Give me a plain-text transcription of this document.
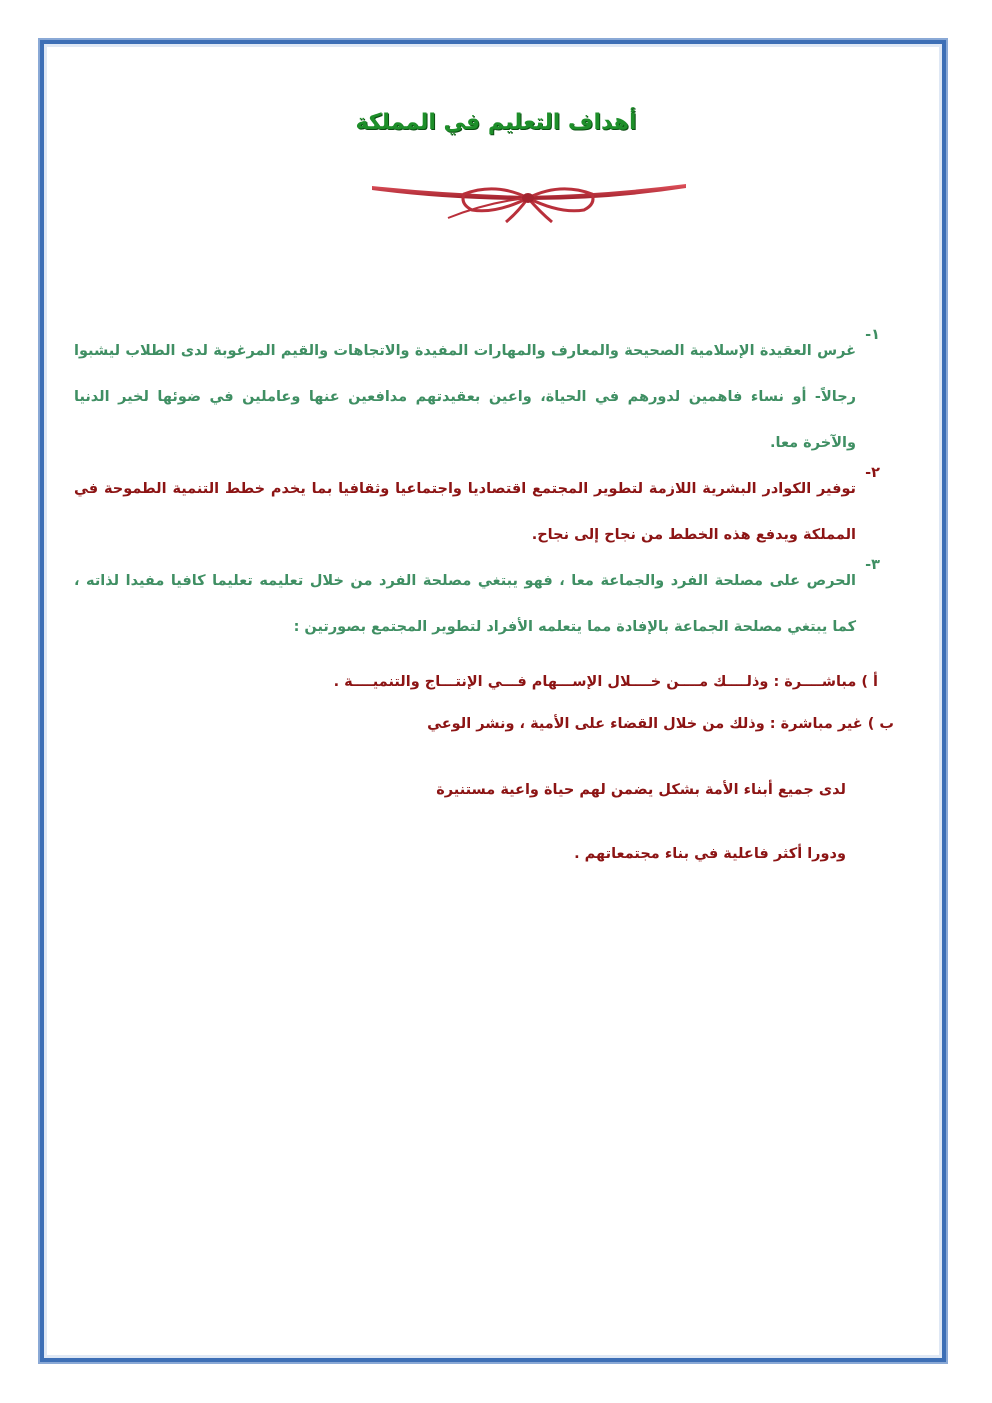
أهداف التعليم في المملكة
١-

غرس العقيدة الإسلامية الصحيحة والمعارف والمهارات المفيدة والاتجاهات والقيم المرغوبة لدى الطلاب ليشبوا رجالاً- أو نساء فاهمين لدورهم في الحياة، واعين بعقيدتهم مدافعين عنها وعاملين في ضوئها لخير الدنيا والآخرة معا.

٢-

توفير الكوادر البشرية اللازمة لتطوير المجتمع اقتصاديا واجتماعيا وثقافيا بما يخدم خطط التنمية الطموحة في المملكة ويدفع هذه الخطط من نجاح إلى نجاح.

٣-

الحرص على مصلحة الفرد والجماعة معا ، فهو يبتغي مصلحة الفرد من خلال تعليمه تعليما كافيا مفيدا لذاته ، كما يبتغي مصلحة الجماعة بالإفادة مما يتعلمه الأفراد لتطوير المجتمع بصورتين :

أ ) مباشــــرة : وذلــــك مــــن خــــلال الإســـهام فـــي الإنتـــاج والتنميــــة .
ب ) غير مباشرة : وذلك من خلال القضاء على الأمية ، ونشر الوعي
لدى جميع أبناء الأمة بشكل يضمن لهم حياة واعية مستنيرة
ودورا أكثر فاعلية في بناء مجتمعاتهم .
